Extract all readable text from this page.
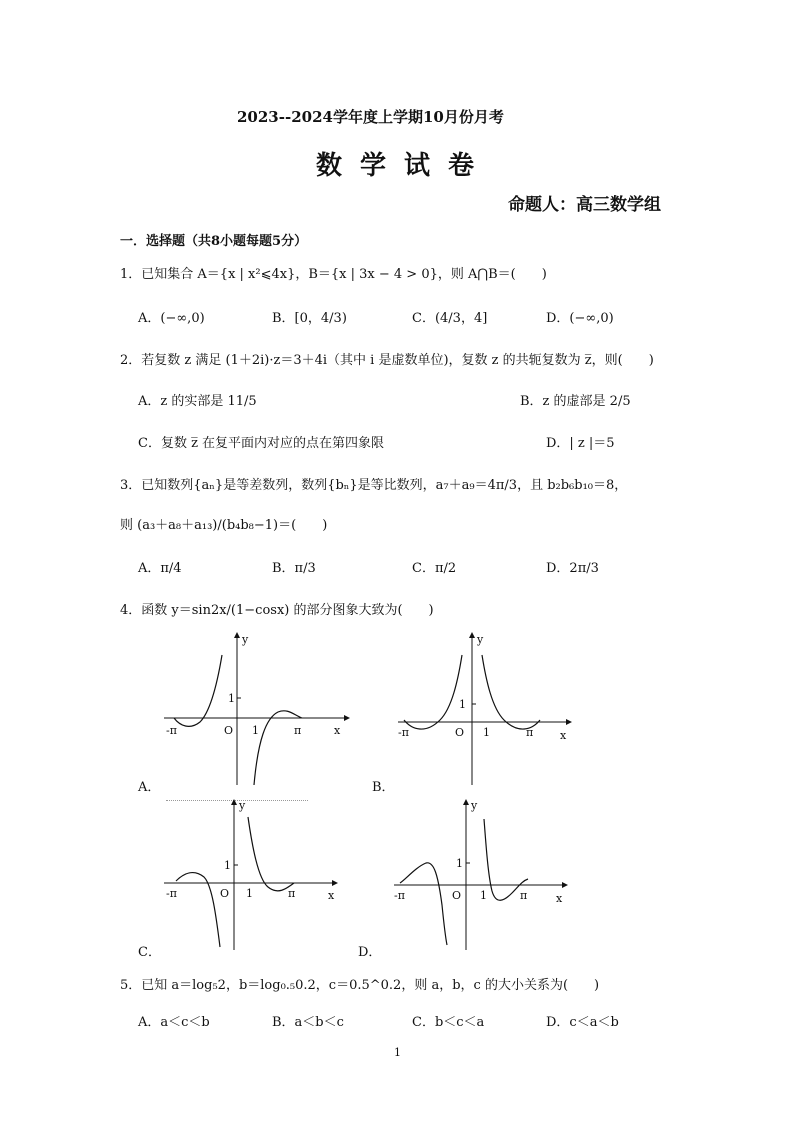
2023--2024学年度上学期10月份月考
数学试卷
命题人：高三数学组
一．选择题（共8小题每题5分）
1．已知集合 A＝{x | x²⩽4x}，B＝{x | 3x − 4 > 0}，则 A⋂B＝(　　)
A．(−∞,0)	B．[0，4/3)	C．(4/3，4]	D．(−∞,0)
2．若复数 z 满足 (1＋2i)·z＝3＋4i（其中 i 是虚数单位)，复数 z 的共轭复数为 z̅，则(　　)
A．z 的实部是 11/5	B．z 的虚部是 2/5
C．复数 z̅ 在复平面内对应的点在第四象限	D．| z |＝5
3．已知数列{aₙ}是等差数列，数列{bₙ}是等比数列，a₇＋a₉＝4π/3，且 b₂b₆b₁₀＝8，
则 (a₃＋a₈＋a₁₃)/(b₄b₈−1)＝(　　)
A．π/4	B．π/3	C．π/2	D．2π/3
4．函数 y＝sin2x/(1−cosx) 的部分图象大致为(　　)
y
x
O
1
1
-π	π
A．
y
x
O
1
1
-π	π
B．
y
x
O
1
1
-π	π
C．
y
x
O
1
1
-π	π
D．
5．已知 a＝log₅2，b＝log₀.₅0.2，c＝0.5^0.2，则 a，b，c 的大小关系为(　　)
A．a＜c＜b	B．a＜b＜c	C．b＜c＜a	D．c＜a＜b
1
